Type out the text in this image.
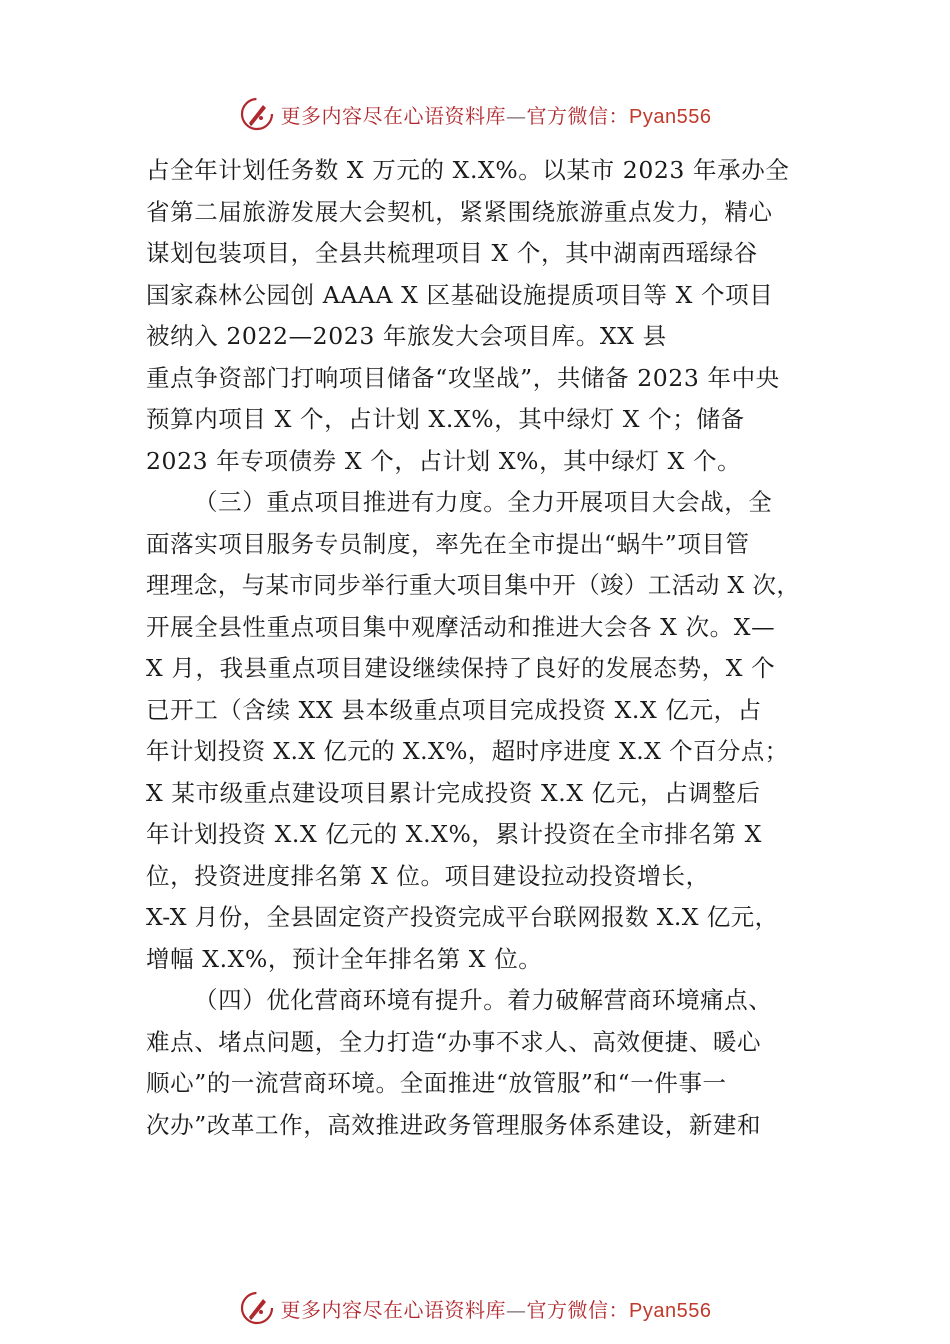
更多内容尽在心语资料库—官方微信：Pyan556
占全年计划任务数 X 万元的 X.X%。以某市 2023 年承办全
省第二届旅游发展大会契机，紧紧围绕旅游重点发力，精心
谋划包装项目，全县共梳理项目 X 个，其中湖南西瑶绿谷
国家森林公园创 AAAA X 区基础设施提质项目等 X 个项目
被纳入 2022—2023 年旅发大会项目库。XX 县
重点争资部门打响项目储备“攻坚战”，共储备 2023 年中央
预算内项目 X 个，占计划 X.X%，其中绿灯 X 个；储备
2023 年专项债券 X 个，占计划 X%，其中绿灯 X 个。
（三）重点项目推进有力度。全力开展项目大会战，全
面落实项目服务专员制度，率先在全市提出“蜗牛”项目管
理理念，与某市同步举行重大项目集中开（竣）工活动 X 次，
开展全县性重点项目集中观摩活动和推进大会各 X 次。X—
X 月，我县重点项目建设继续保持了良好的发展态势，X 个
已开工（含续 XX 县本级重点项目完成投资 X.X 亿元，占
年计划投资 X.X 亿元的 X.X%，超时序进度 X.X 个百分点；
X 某市级重点建设项目累计完成投资 X.X 亿元，占调整后
年计划投资 X.X 亿元的 X.X%，累计投资在全市排名第 X
位，投资进度排名第 X 位。项目建设拉动投资增长，
X-X 月份，全县固定资产投资完成平台联网报数 X.X 亿元，
增幅 X.X%，预计全年排名第 X 位。
（四）优化营商环境有提升。着力破解营商环境痛点、
难点、堵点问题，全力打造“办事不求人、高效便捷、暖心
顺心”的一流营商环境。全面推进“放管服”和“一件事一
次办”改革工作，高效推进政务管理服务体系建设，新建和
更多内容尽在心语资料库—官方微信：Pyan556
